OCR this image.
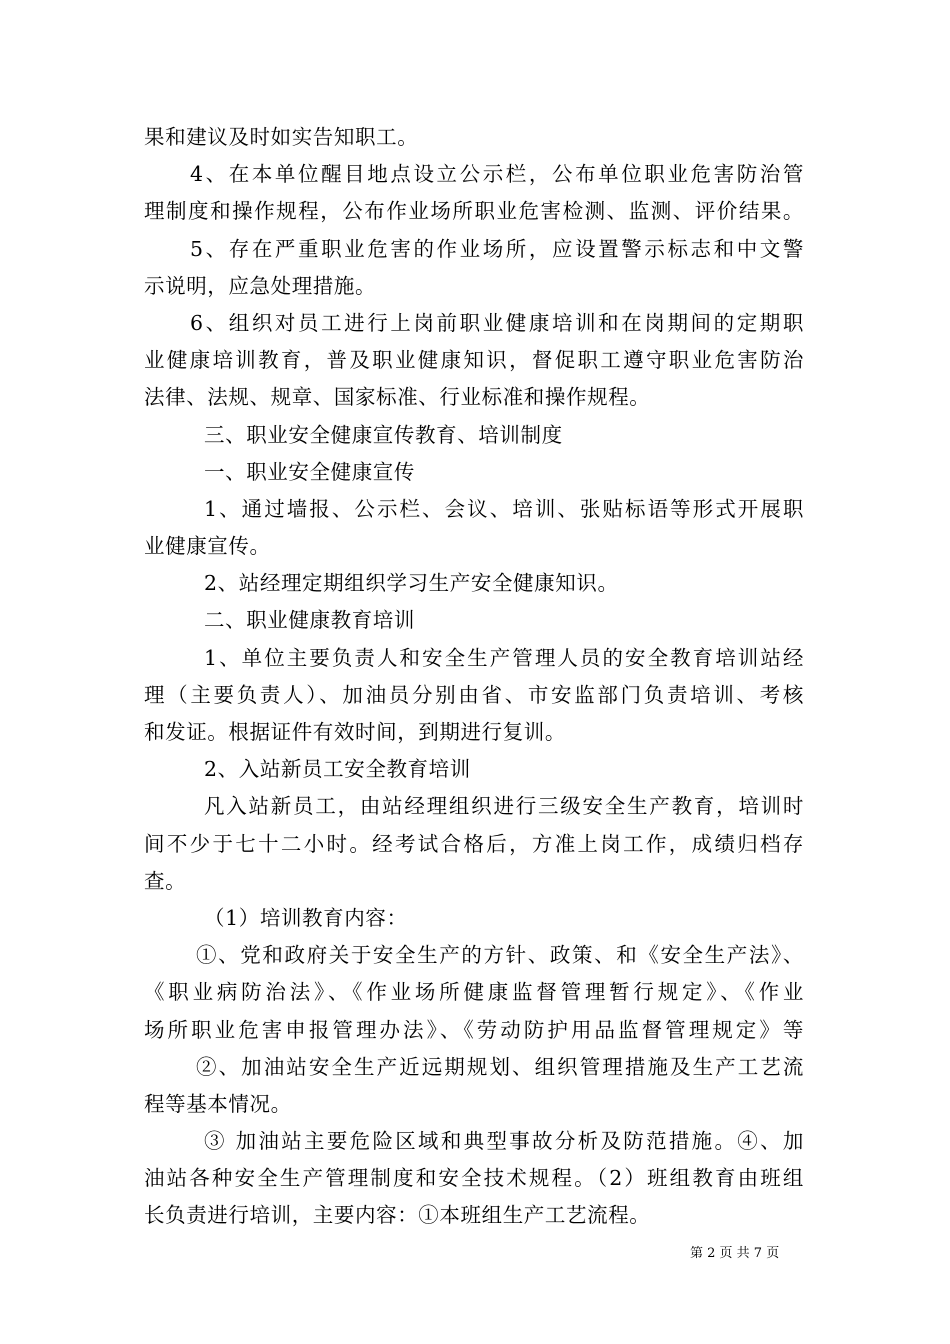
果和建议及时如实告知职工。
4、在本单位醒目地点设立公示栏，公布单位职业危害防治管
理制度和操作规程，公布作业场所职业危害检测、监测、评价结果。
5、存在严重职业危害的作业场所，应设置警示标志和中文警
示说明，应急处理措施。
6、组织对员工进行上岗前职业健康培训和在岗期间的定期职
业健康培训教育，普及职业健康知识，督促职工遵守职业危害防治
法律、法规、规章、国家标准、行业标准和操作规程。
三、职业安全健康宣传教育、培训制度
一、职业安全健康宣传
1、通过墙报、公示栏、会议、培训、张贴标语等形式开展职
业健康宣传。
2、站经理定期组织学习生产安全健康知识。
二、职业健康教育培训
1、单位主要负责人和安全生产管理人员的安全教育培训站经
理（主要负责人）、加油员分别由省、市安监部门负责培训、考核
和发证。根据证件有效时间，到期进行复训。
2、入站新员工安全教育培训
凡入站新员工，由站经理组织进行三级安全生产教育，培训时
间不少于七十二小时。经考试合格后，方准上岗工作，成绩归档存
查。
（1）培训教育内容：
①、党和政府关于安全生产的方针、政策、和《安全生产法》、
《职业病防治法》、《作业场所健康监督管理暂行规定》、《作业
场所职业危害申报管理办法》、《劳动防护用品监督管理规定》等
②、加油站安全生产近远期规划、组织管理措施及生产工艺流
程等基本情况。
③ 加油站主要危险区域和典型事故分析及防范措施。④、加
油站各种安全生产管理制度和安全技术规程。（2）班组教育由班组
长负责进行培训，主要内容：①本班组生产工艺流程。
第 2 页 共 7 页
